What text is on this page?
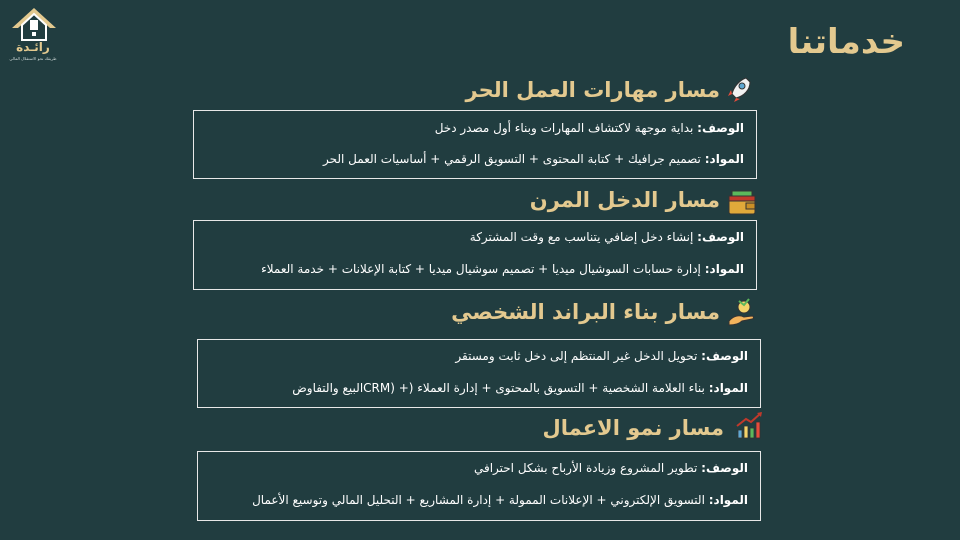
رائـدة
طريقك نحو الاستقلال المالي	خدماتنا
مسار مهارات العمل الحر
الوصف: بداية موجهة لاكتشاف المهارات وبناء أول مصدر دخل
المواد: تصميم جرافيك + كتابة المحتوى + التسويق الرقمي + أساسيات العمل الحر
مسار الدخل المرن
الوصف: إنشاء دخل إضافي يتناسب مع وقت المشتركة
المواد: إدارة حسابات السوشيال ميديا + تصميم سوشيال ميديا + كتابة الإعلانات + خدمة العملاء
مسار بناء البراند الشخصي
الوصف: تحويل الدخل غير المنتظم إلى دخل ثابت ومستقر
المواد: بناء العلامة الشخصية + التسويق بالمحتوى + إدارة العملاء (+ (CRMالبيع والتفاوض
مسار نمو الاعمال
الوصف: تطوير المشروع وزيادة الأرباح بشكل احترافي
المواد: التسويق الإلكتروني + الإعلانات الممولة + إدارة المشاريع + التحليل المالي وتوسيع الأعمال
